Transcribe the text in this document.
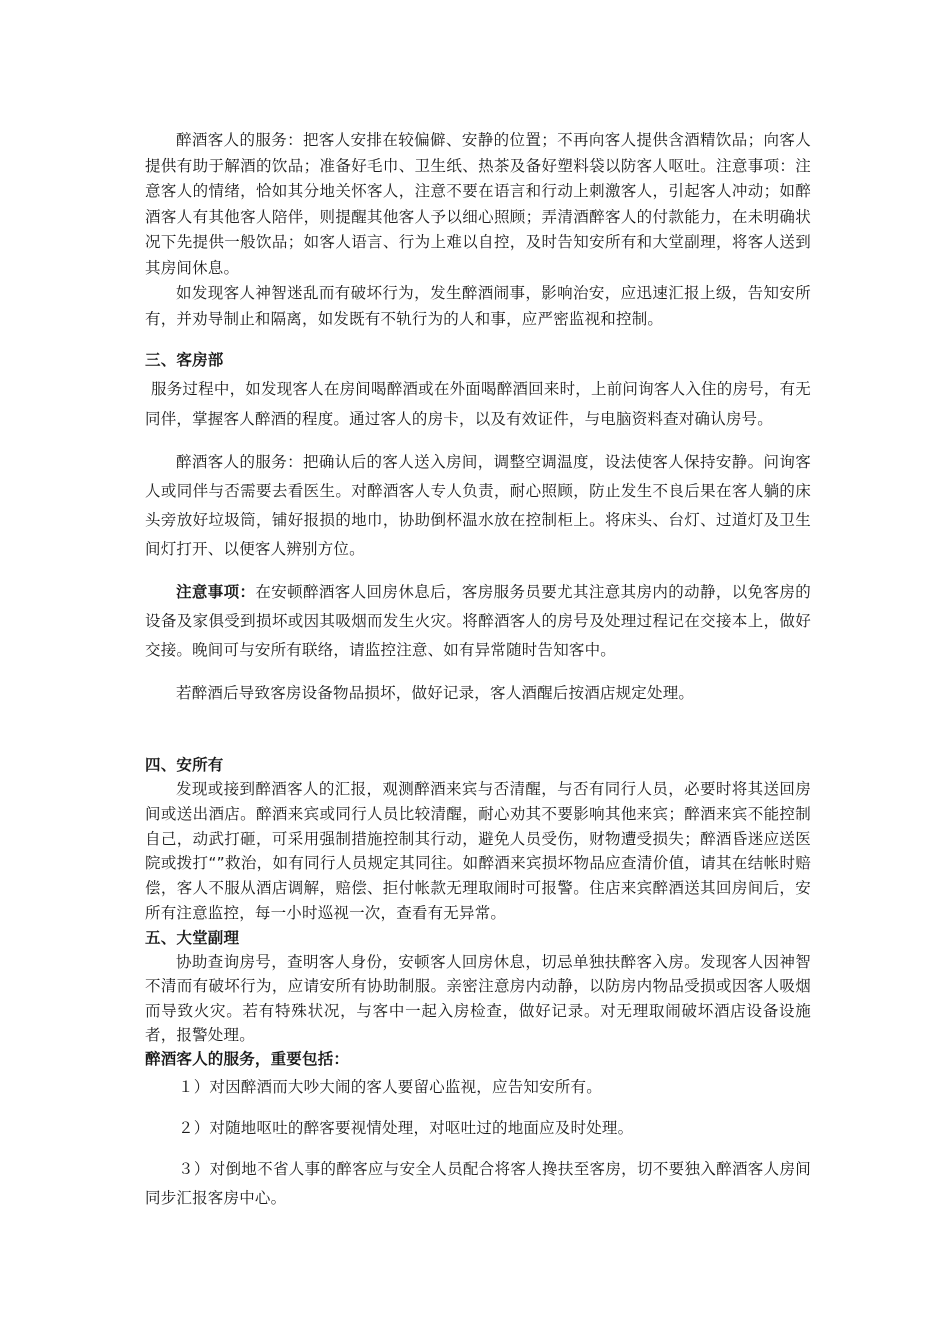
醉酒客人的服务：把客人安排在较偏僻、安静的位置；不再向客人提供含酒精饮品；向客人提供有助于解酒的饮品；准备好毛巾、卫生纸、热茶及备好塑料袋以防客人呕吐。注意事项：注意客人的情绪，恰如其分地关怀客人，注意不要在语言和行动上刺激客人，引起客人冲动；如醉酒客人有其他客人陪伴，则提醒其他客人予以细心照顾；弄清酒醉客人的付款能力，在未明确状况下先提供一般饮品；如客人语言、行为上难以自控，及时告知安所有和大堂副理，将客人送到其房间休息。

如发现客人神智迷乱而有破坏行为，发生醉酒闹事，影响治安，应迅速汇报上级，告知安所有，并劝导制止和隔离，如发既有不轨行为的人和事，应严密监视和控制。

三、客房部

服务过程中，如发现客人在房间喝醉酒或在外面喝醉酒回来时，上前问询客人入住的房号，有无同伴，掌握客人醉酒的程度。通过客人的房卡，以及有效证件，与电脑资料查对确认房号。

醉酒客人的服务：把确认后的客人送入房间，调整空调温度，设法使客人保持安静。问询客人或同伴与否需要去看医生。对醉酒客人专人负责，耐心照顾，防止发生不良后果在客人躺的床头旁放好垃圾筒，铺好报损的地巾，协助倒杯温水放在控制柜上。将床头、台灯、过道灯及卫生间灯打开、以便客人辨别方位。

注意事项：在安顿醉酒客人回房休息后，客房服务员要尤其注意其房内的动静，以免客房的设备及家俱受到损坏或因其吸烟而发生火灾。将醉酒客人的房号及处理过程记在交接本上，做好交接。晚间可与安所有联络，请监控注意、如有异常随时告知客中。

若醉酒后导致客房设备物品损坏，做好记录，客人酒醒后按酒店规定处理。

四、安所有

发现或接到醉酒客人的汇报，观测醉酒来宾与否清醒，与否有同行人员，必要时将其送回房间或送出酒店。醉酒来宾或同行人员比较清醒，耐心劝其不要影响其他来宾；醉酒来宾不能控制自己，动武打砸，可采用强制措施控制其行动，避免人员受伤，财物遭受损失；醉酒昏迷应送医院或拨打“”救治，如有同行人员规定其同往。如醉酒来宾损坏物品应查清价值，请其在结帐时赔偿，客人不服从酒店调解，赔偿、拒付帐款无理取闹时可报警。住店来宾醉酒送其回房间后，安所有注意监控，每一小时巡视一次，查看有无异常。

五、大堂副理

协助查询房号，查明客人身份，安顿客人回房休息，切忌单独扶醉客入房。发现客人因神智不清而有破坏行为，应请安所有协助制服。亲密注意房内动静，以防房内物品受损或因客人吸烟而导致火灾。若有特殊状况，与客中一起入房检查，做好记录。对无理取闹破坏酒店设备设施者，报警处理。

醉酒客人的服务，重要包括：

１）对因醉酒而大吵大闹的客人要留心监视，应告知安所有。

２）对随地呕吐的醉客要视情处理，对呕吐过的地面应及时处理。

３）对倒地不省人事的醉客应与安全人员配合将客人搀扶至客房，切不要独入醉酒客人房间同步汇报客房中心。
